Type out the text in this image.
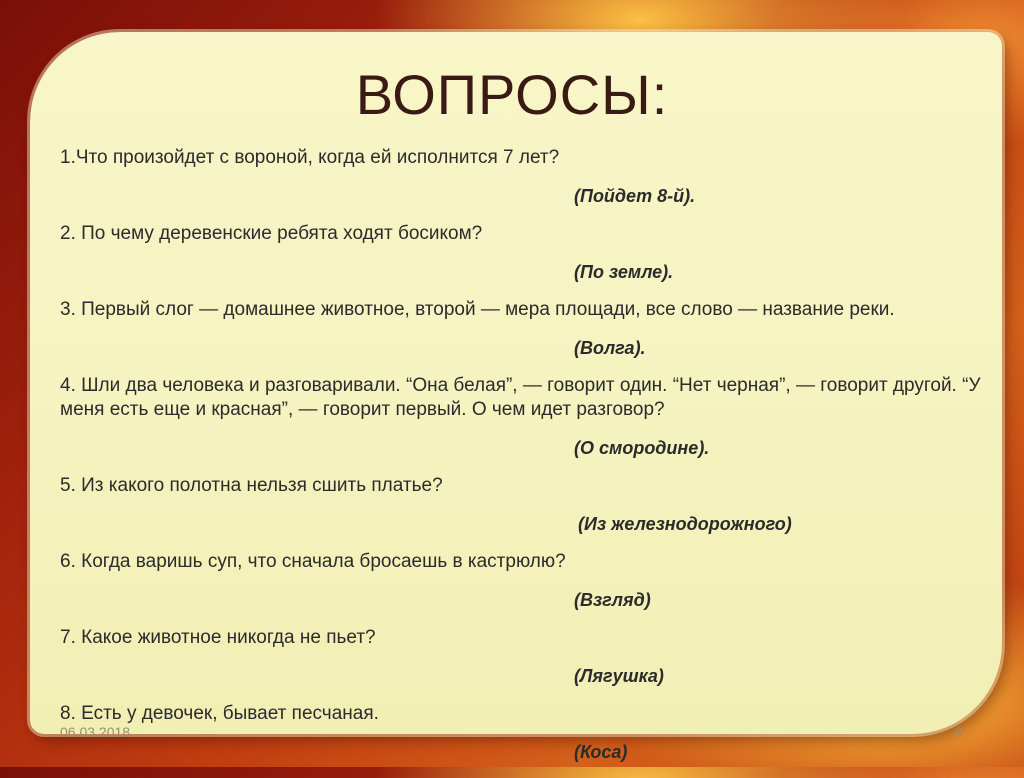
ВОПРОСЫ:

1.Что произойдет с вороной, когда ей исполнится 7 лет?

(Пойдет 8-й).

2. По чему деревенские ребята ходят босиком?

(По земле).

3. Первый слог — домашнее животное, второй — мера площади, все слово — название реки.

(Волга).

4. Шли два человека и разговаривали. “Она белая”, — говорит один. “Нет черная”, — говорит другой. “У меня есть еще и красная”, — говорит первый. О чем идет разговор?

(О смородине).

5. Из какого полотна нельзя сшить платье?

(Из железнодорожного)

6. Когда варишь суп, что сначала бросаешь в кастрюлю?

(Взгляд)

7. Какое животное никогда не пьет?

(Лягушка)

8. Есть у девочек, бывает песчаная.

(Коса)

06.03.2018	8
